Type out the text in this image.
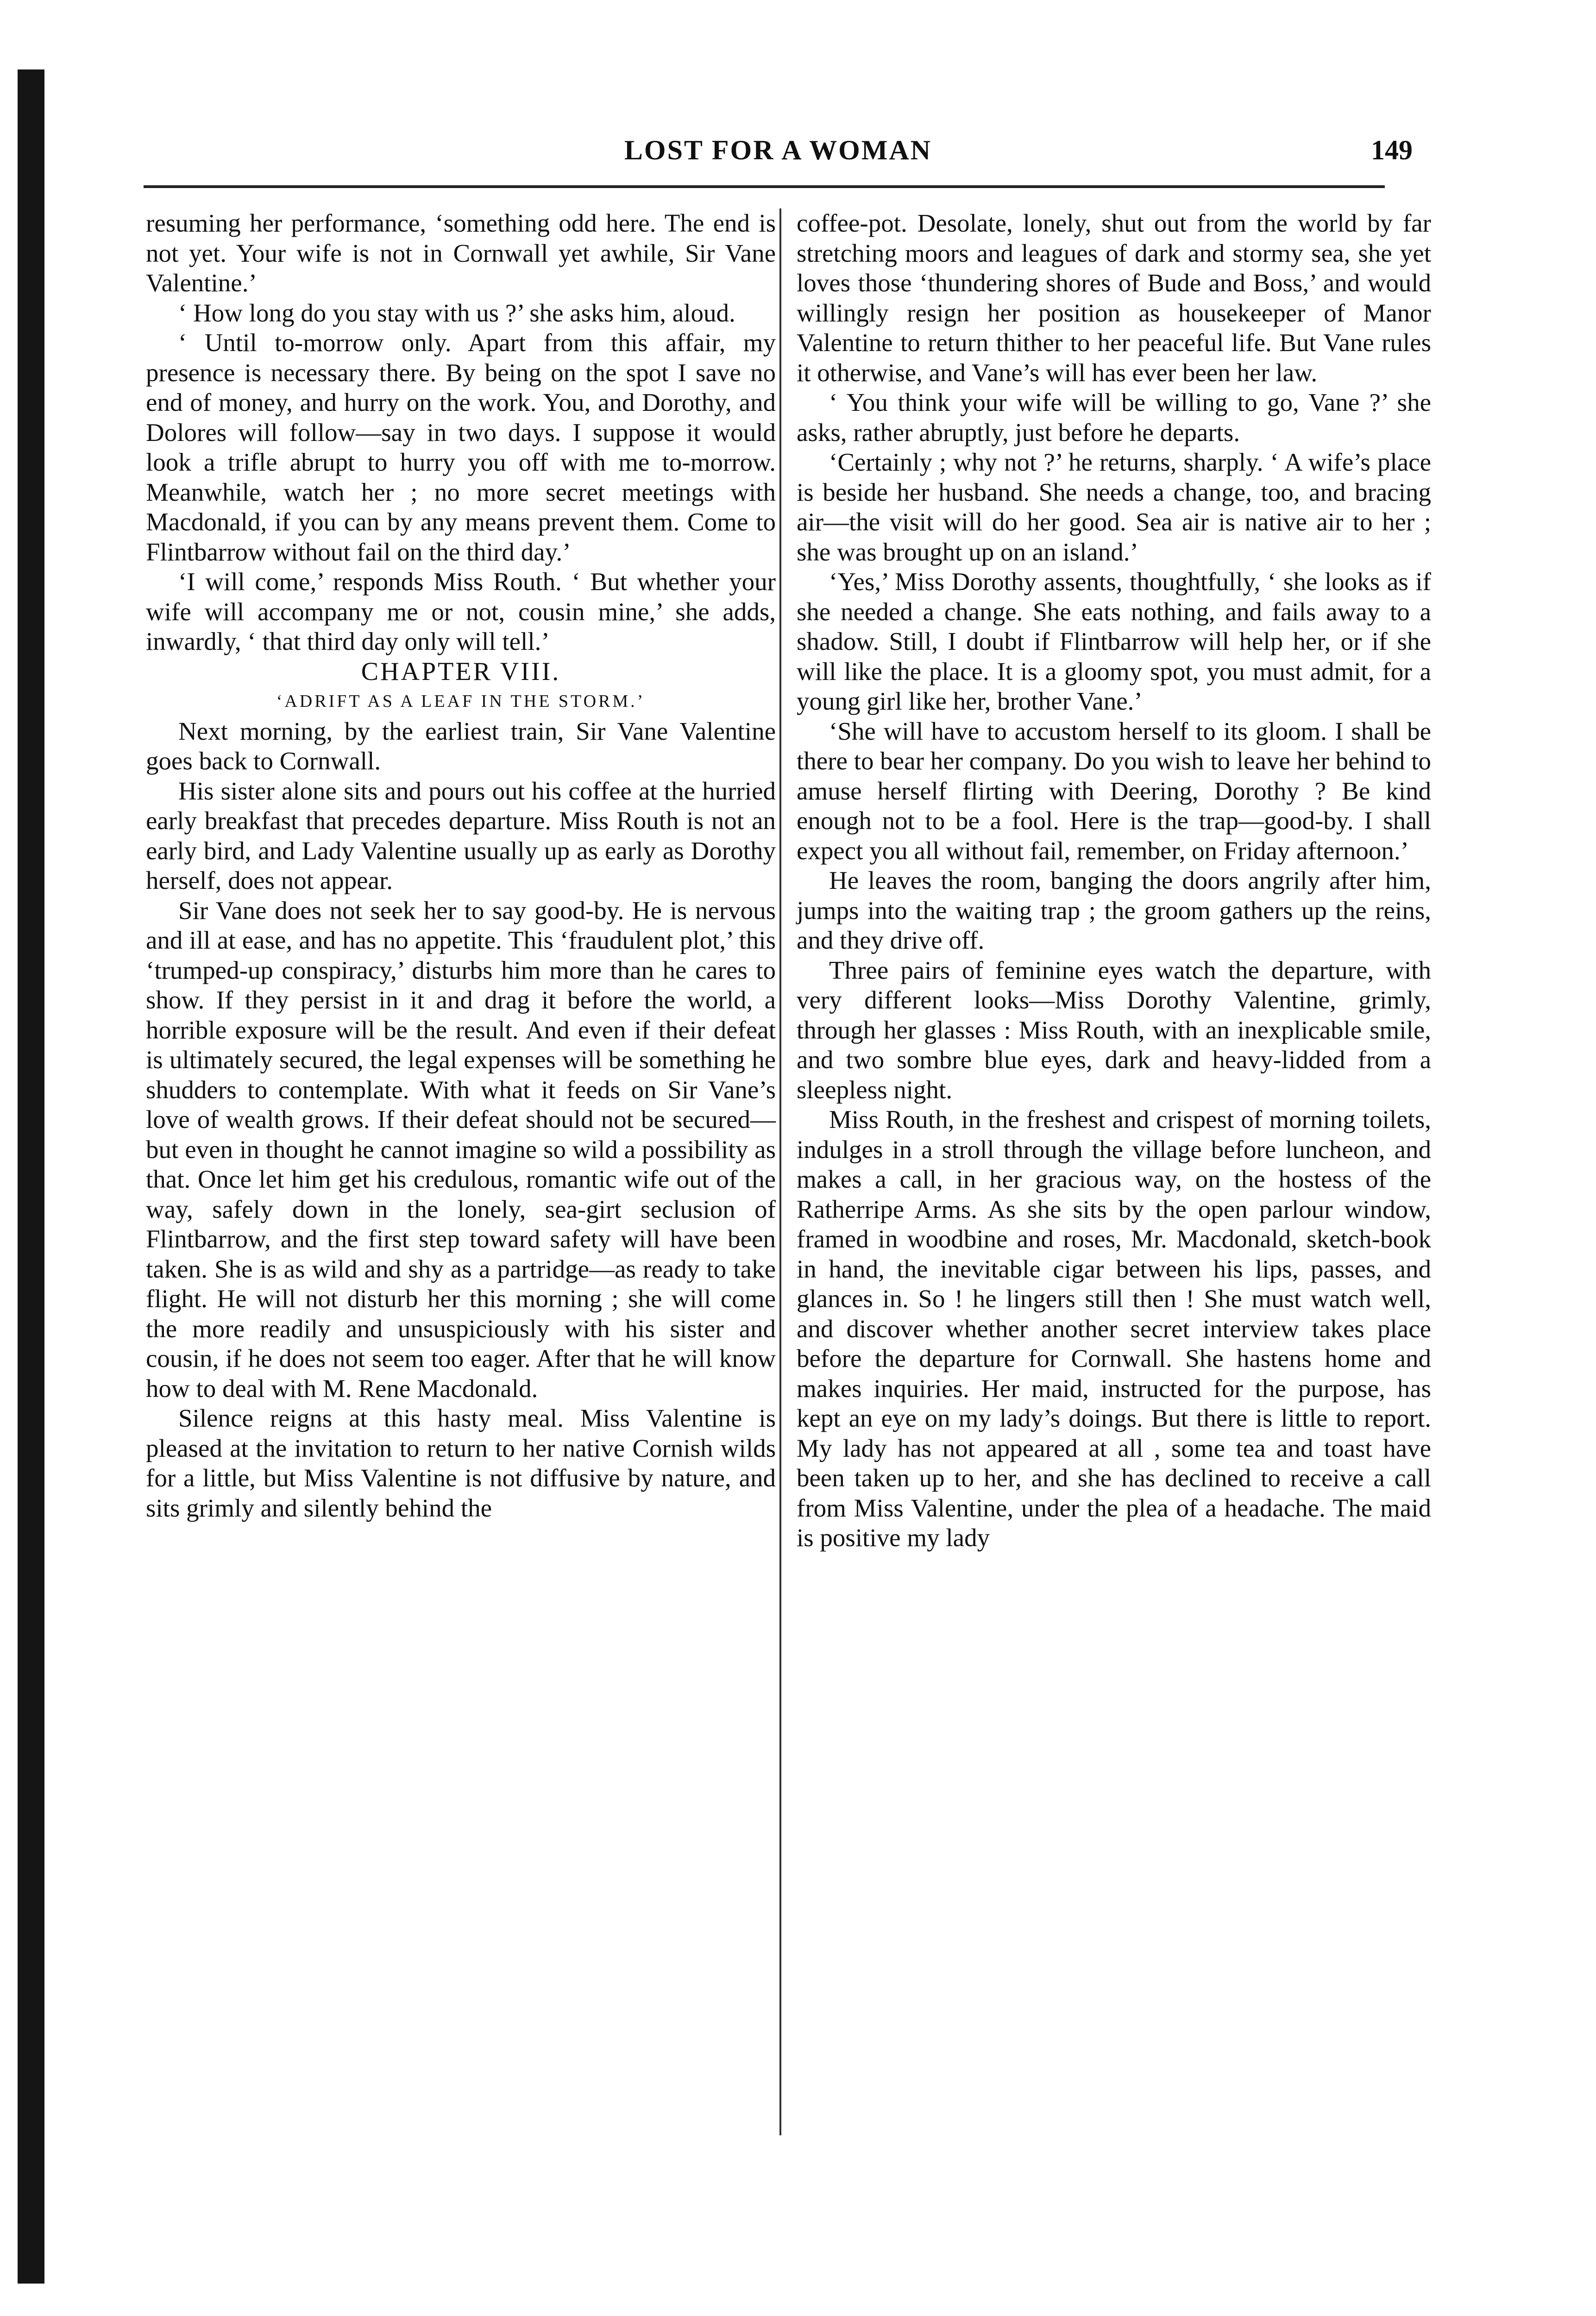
LOST FOR A WOMAN	149

resuming her performance, ‘something odd here. The end is not yet. Your wife is not in Cornwall yet awhile, Sir Vane Valentine.’

‘ How long do you stay with us ?’ she asks him, aloud.

‘ Until to-morrow only. Apart from this affair, my presence is necessary there. By being on the spot I save no end of money, and hurry on the work. You, and Dorothy, and Dolores will follow—say in two days. I suppose it would look a trifle abrupt to hurry you off with me to-morrow. Meanwhile, watch her ; no more secret meetings with Macdonald, if you can by any means prevent them. Come to Flintbarrow without fail on the third day.’

‘I will come,’ responds Miss Routh. ‘ But whether your wife will accompany me or not, cousin mine,’ she adds, inwardly, ‘ that third day only will tell.’

CHAPTER VIII.

‘ADRIFT AS A LEAF IN THE STORM.’

Next morning, by the earliest train, Sir Vane Valentine goes back to Cornwall.

His sister alone sits and pours out his coffee at the hurried early breakfast that precedes departure. Miss Routh is not an early bird, and Lady Valentine usually up as early as Dorothy herself, does not appear.

Sir Vane does not seek her to say good-by. He is nervous and ill at ease, and has no appetite. This ‘fraudulent plot,’ this ‘trumped-up conspiracy,’ disturbs him more than he cares to show. If they persist in it and drag it before the world, a horrible exposure will be the result. And even if their defeat is ultimately secured, the legal expenses will be something he shudders to contemplate. With what it feeds on Sir Vane’s love of wealth grows. If their defeat should not be secured—but even in thought he cannot imagine so wild a possibility as that. Once let him get his credulous, romantic wife out of the way, safely down in the lonely, sea-girt seclusion of Flintbarrow, and the first step toward safety will have been taken. She is as wild and shy as a partridge—as ready to take flight. He will not disturb her this morning ; she will come the more readily and unsuspiciously with his sister and cousin, if he does not seem too eager. After that he will know how to deal with M. Rene Macdonald.

Silence reigns at this hasty meal. Miss Valentine is pleased at the invitation to return to her native Cornish wilds for a little, but Miss Valentine is not diffusive by nature, and sits grimly and silently behind the

coffee-pot. Desolate, lonely, shut out from the world by far stretching moors and leagues of dark and stormy sea, she yet loves those ‘thundering shores of Bude and Boss,’ and would willingly resign her position as housekeeper of Manor Valentine to return thither to her peaceful life. But Vane rules it otherwise, and Vane’s will has ever been her law.

‘ You think your wife will be willing to go, Vane ?’ she asks, rather abruptly, just before he departs.

‘Certainly ; why not ?’ he returns, sharply. ‘ A wife’s place is beside her husband. She needs a change, too, and bracing air—the visit will do her good. Sea air is native air to her ; she was brought up on an island.’

‘Yes,’ Miss Dorothy assents, thoughtfully, ‘ she looks as if she needed a change. She eats nothing, and fails away to a shadow. Still, I doubt if Flintbarrow will help her, or if she will like the place. It is a gloomy spot, you must admit, for a young girl like her, brother Vane.’

‘She will have to accustom herself to its gloom. I shall be there to bear her company. Do you wish to leave her behind to amuse herself flirting with Deering, Dorothy ? Be kind enough not to be a fool. Here is the trap—good-by. I shall expect you all without fail, remember, on Friday afternoon.’

He leaves the room, banging the doors angrily after him, jumps into the waiting trap ; the groom gathers up the reins, and they drive off.

Three pairs of feminine eyes watch the departure, with very different looks—Miss Dorothy Valentine, grimly, through her glasses : Miss Routh, with an inexplicable smile, and two sombre blue eyes, dark and heavy-lidded from a sleepless night.

Miss Routh, in the freshest and crispest of morning toilets, indulges in a stroll through the village before luncheon, and makes a call, in her gracious way, on the hostess of the Ratherripe Arms. As she sits by the open parlour window, framed in woodbine and roses, Mr. Macdonald, sketch-book in hand, the inevitable cigar between his lips, passes, and glances in. So ! he lingers still then ! She must watch well, and discover whether another secret interview takes place before the departure for Cornwall. She hastens home and makes inquiries. Her maid, instructed for the purpose, has kept an eye on my lady’s doings. But there is little to report. My lady has not appeared at all , some tea and toast have been taken up to her, and she has declined to receive a call from Miss Valentine, under the plea of a headache. The maid is positive my lady
